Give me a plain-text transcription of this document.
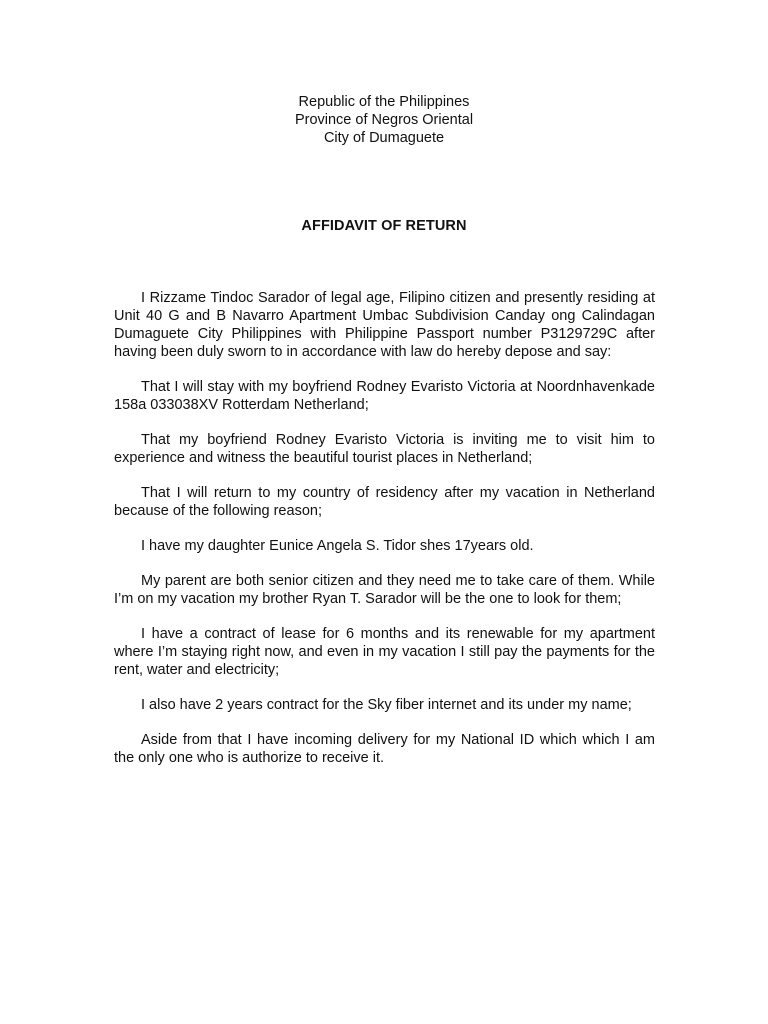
Republic of the Philippines
Province of Negros Oriental
City of Dumaguete
AFFIDAVIT OF RETURN

I Rizzame Tindoc Sarador of legal age, Filipino citizen and presently residing at Unit 40 G and B Navarro Apartment Umbac Subdivision Canday ong Calindagan Dumaguete City Philippines with Philippine Passport number P3129729C after having been duly sworn to in accordance with law do hereby depose and say:

That I will stay with my boyfriend Rodney Evaristo Victoria at Noordnhavenkade 158a 033038XV Rotterdam Netherland;

That my boyfriend Rodney Evaristo Victoria is inviting me to visit him to experience and witness the beautiful tourist places in Netherland;

That I will return to my country of residency after my vacation in Netherland because of the following reason;

I have my daughter Eunice Angela S. Tidor shes 17years old.

My parent are both senior citizen and they need me to take care of them. While I’m on my vacation my brother Ryan T. Sarador will be the one to look for them;

I have a contract of lease for 6 months and its renewable for my apartment where I’m staying right now, and even in my vacation I still pay the payments for the rent, water and electricity;

I also have 2 years contract for the Sky fiber internet and its under my name;

Aside from that I have incoming delivery for my National ID which which I am the only one who is authorize to receive it.
